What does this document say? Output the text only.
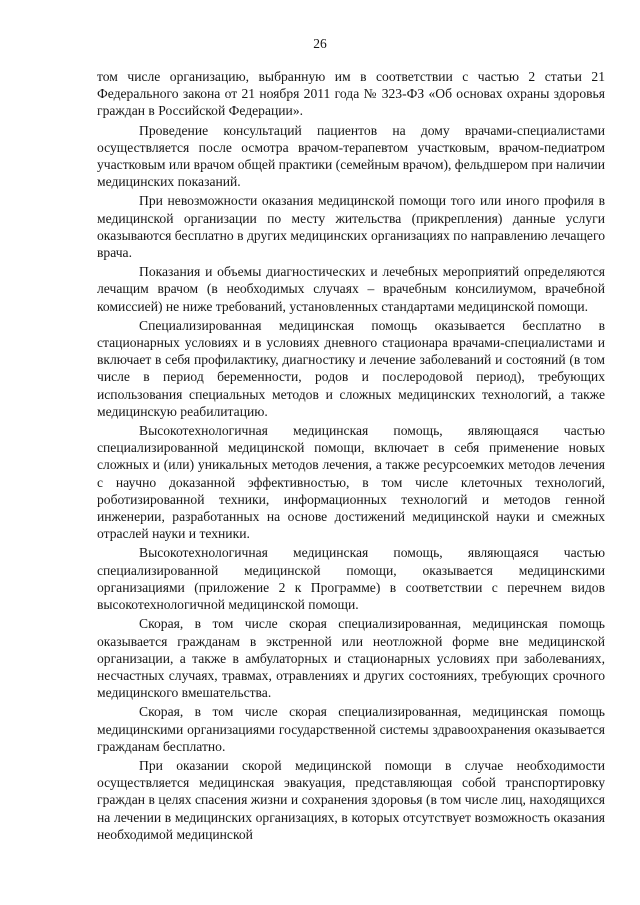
26

том числе организацию, выбранную им в соответствии с частью 2 статьи 21 Федерального закона от 21 ноября 2011 года № 323-ФЗ «Об основах охраны здоровья граждан в Российской Федерации».

Проведение консультаций пациентов на дому врачами-специалистами осуществляется после осмотра врачом-терапевтом участковым, врачом-педиатром участковым или врачом общей практики (семейным врачом), фельдшером при наличии медицинских показаний.

При невозможности оказания медицинской помощи того или иного профиля в медицинской организации по месту жительства (прикрепления) данные услуги оказываются бесплатно в других медицинских организациях по направлению лечащего врача.

Показания и объемы диагностических и лечебных мероприятий определяются лечащим врачом (в необходимых случаях – врачебным консилиумом, врачебной комиссией) не ниже требований, установленных стандартами медицинской помощи.

Специализированная медицинская помощь оказывается бесплатно в стационарных условиях и в условиях дневного стационара врачами-специалистами и включает в себя профилактику, диагностику и лечение заболеваний и состояний (в том числе в период беременности, родов и послеродовой период), требующих использования специальных методов и сложных медицинских технологий, а также медицинскую реабилитацию.

Высокотехнологичная медицинская помощь, являющаяся частью специализированной медицинской помощи, включает в себя применение новых сложных и (или) уникальных методов лечения, а также ресурсоемких методов лечения с научно доказанной эффективностью, в том числе клеточных технологий, роботизированной техники, информационных технологий и методов генной инженерии, разработанных на основе достижений медицинской науки и смежных отраслей науки и техники.

Высокотехнологичная медицинская помощь, являющаяся частью специализированной медицинской помощи, оказывается медицинскими организациями (приложение 2 к Программе) в соответствии с перечнем видов высокотехнологичной медицинской помощи.

Скорая, в том числе скорая специализированная, медицинская помощь оказывается гражданам в экстренной или неотложной форме вне медицинской организации, а также в амбулаторных и стационарных условиях при заболеваниях, несчастных случаях, травмах, отравлениях и других состояниях, требующих срочного медицинского вмешательства.

Скорая, в том числе скорая специализированная, медицинская помощь медицинскими организациями государственной системы здравоохранения оказывается гражданам бесплатно.

При оказании скорой медицинской помощи в случае необходимости осуществляется медицинская эвакуация, представляющая собой транспортировку граждан в целях спасения жизни и сохранения здоровья (в том числе лиц, находящихся на лечении в медицинских организациях, в которых отсутствует возможность оказания необходимой медицинской
